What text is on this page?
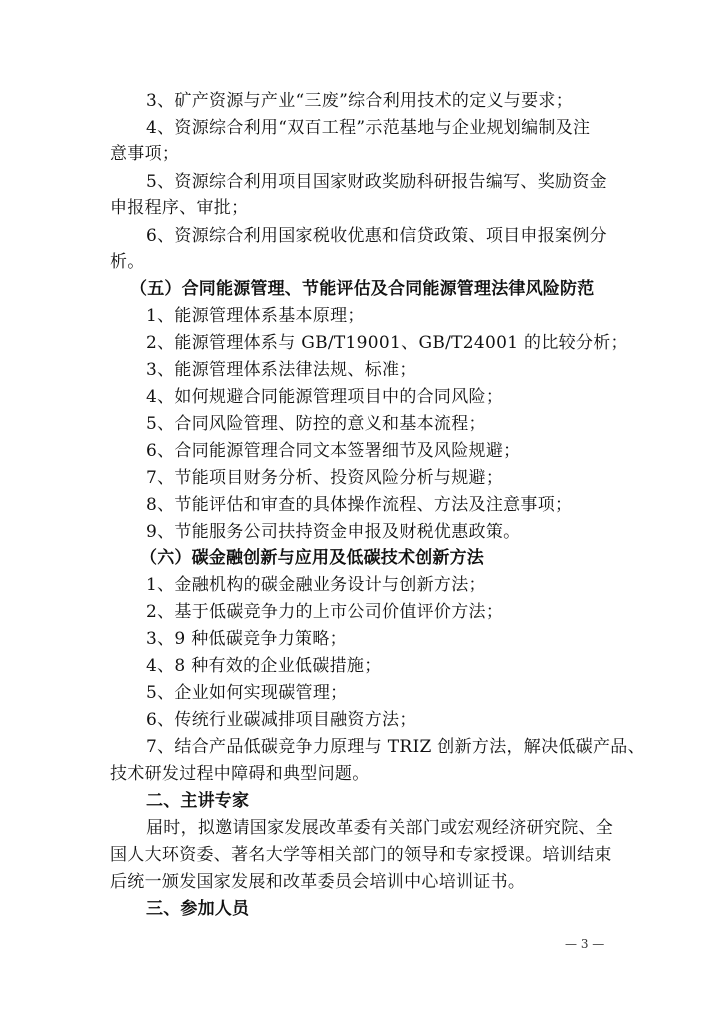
3、矿产资源与产业“三废”综合利用技术的定义与要求；
4、资源综合利用“双百工程”示范基地与企业规划编制及注
意事项；
5、资源综合利用项目国家财政奖励科研报告编写、奖励资金
申报程序、审批；
6、资源综合利用国家税收优惠和信贷政策、项目申报案例分
析。
（五）合同能源管理、节能评估及合同能源管理法律风险防范
1、能源管理体系基本原理；
2、能源管理体系与 GB/T19001、GB/T24001 的比较分析；
3、能源管理体系法律法规、标准；
4、如何规避合同能源管理项目中的合同风险；
5、合同风险管理、防控的意义和基本流程；
6、合同能源管理合同文本签署细节及风险规避；
7、节能项目财务分析、投资风险分析与规避；
8、节能评估和审查的具体操作流程、方法及注意事项；
9、节能服务公司扶持资金申报及财税优惠政策。
（六）碳金融创新与应用及低碳技术创新方法
1、金融机构的碳金融业务设计与创新方法；
2、基于低碳竞争力的上市公司价值评价方法；
3、9 种低碳竞争力策略；
4、8 种有效的企业低碳措施；
5、企业如何实现碳管理；
6、传统行业碳减排项目融资方法；
7、结合产品低碳竞争力原理与 TRIZ 创新方法，解决低碳产品、
技术研发过程中障碍和典型问题。
二、主讲专家
届时，拟邀请国家发展改革委有关部门或宏观经济研究院、全
国人大环资委、著名大学等相关部门的领导和专家授课。培训结束
后统一颁发国家发展和改革委员会培训中心培训证书。
三、参加人员
— 3 —
